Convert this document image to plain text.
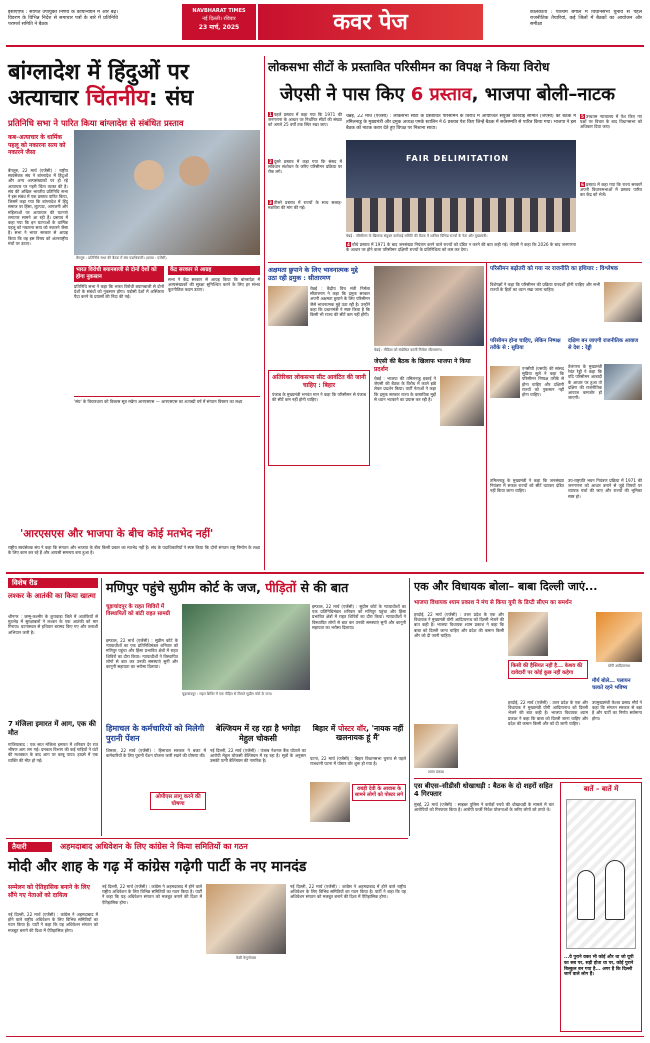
ईसीएएफ : सौंपित उपायुक्त निर्णय के कार्यान्वयन में ओर बढ़े। विवरण के विभिन्न निर्देश से समाचार पत्रों के बारे में प्रतिनिधि परामर्श समिति ने बैठक
NAVBHARAT TIMES
नई दिल्ली। रविवार
23 मार्च, 2025	कवर पेज	कोलकाता : पश्चिम बंगाल में विधानसभा चुनाव से पहले राजनीतिक तैयारियां, कई जिलों में बैठकों का आयोजन और समीक्षा
बांग्लादेश में हिंदुओं पर
अत्याचार चिंतनीय: संघ
प्रतिनिधि सभा ने पारित किया बांग्लादेश से संबंधित प्रस्ताव
कब–अत्याचार के धार्मिक पहलू को नकारना सत्य को नकारने जैसा
बेंगलुरु, 22 मार्च (एजेंसी) : राष्ट्रीय स्वयंसेवक संघ ने बांग्लादेश में हिंदुओं और अन्य अल्पसंख्यकों पर हो रहे अत्याचार पर गहरी चिंता व्यक्त की है। संघ की अखिल भारतीय प्रतिनिधि सभा ने इस संबंध में एक प्रस्ताव पारित किया, जिसमें कहा गया कि बांग्लादेश में हिंदू समाज पर हिंसा, लूटपाट, आगजनी और महिलाओं पर अत्याचार की घटनाएं लगातार सामने आ रही हैं। प्रस्ताव में कहा गया कि इन घटनाओं के धार्मिक पहलू को नकारना सत्य को नकारने जैसा है। सभा ने भारत सरकार से आग्रह किया कि वह इस विषय को अंतरराष्ट्रीय मंचों पर उठाए।
बेंगलुरु : प्रतिनिधि सभा की बैठक में संघ पदाधिकारी। (छाया : एजेंसी)
भारत विरोधी बयानबाजी से दोनों देशों को होगा नुकसान
प्रतिनिधि सभा ने कहा कि भारत विरोधी बयानबाजी से दोनों देशों के संबंधों को नुकसान होगा। पड़ोसी देशों में अस्थिरता पैदा करने के प्रयासों की निंदा की गई।
केंद्र सरकार से आग्रह
सभा ने केंद्र सरकार से आग्रह किया कि बांग्लादेश में अल्पसंख्यकों की सुरक्षा सुनिश्चित करने के लिए हर संभव कूटनीतिक कदम उठाए।
'संघ' के विचारधारा को विकास सूत्र रखेगा आरएसएस — आरएसएस का शताब्दी वर्ष में संगठन विस्तार का लक्ष्य
'आरएसएस और भाजपा के बीच कोई मतभेद नहीं'
राष्ट्रीय स्वयंसेवक संघ ने कहा कि संगठन और भाजपा के बीच किसी प्रकार का मतभेद नहीं है। संघ के पदाधिकारियों ने स्पष्ट किया कि दोनों संगठन राष्ट्र निर्माण के लक्ष्य के लिए काम कर रहे हैं और आपसी समन्वय बना हुआ है।
लोकसभा सीटों के प्रस्तावित परिसीमन का विपक्ष ने किया विरोध
जेएसी ने पास किए 6 प्रस्ताव, भाजपा बोली–नाटक
1 पहले प्रस्ताव में कहा गया कि 1971 की जनगणना के आधार पर निर्धारित सीटों की संख्या को अगले 25 वर्षों तक स्थिर रखा जाए।
2 दूसरे प्रस्ताव में कहा गया कि संसद में संविधान संशोधन के जरिए परिसीमन प्रक्रिया पर रोक लगे।
3 तीसरे प्रस्ताव में राज्यों के साथ सलाह-मशविरा की मांग की गई।
चेन्नई, 22 मार्च (एजेंसी) : लोकसभा सीटों के प्रस्तावित परिसीमन के विरोध में आयोजित संयुक्त कार्रवाई समिति (जेएसी) की बैठक में तमिलनाडु के मुख्यमंत्री और द्रमुक अध्यक्ष एमके स्टालिन ने 6 प्रस्ताव पेश किए जिन्हें बैठक में सर्वसम्मति से पारित किया गया। भाजपा ने इस बैठक को नाटक करार देते हुए विपक्ष पर निशाना साधा।
FAIR DELIMITATION
चेन्नई : परिसीमन के खिलाफ संयुक्त कार्रवाई समिति की बैठक में शामिल विभिन्न राज्यों के नेता और मुख्यमंत्री।
4 चौथे प्रस्ताव में 1971 के बाद जनसंख्या नियंत्रण करने वाले राज्यों को दंडित न करने की बात कही गई। जेएसी ने कहा कि 2026 के बाद जनगणना के आधार पर होने वाला परिसीमन दक्षिणी राज्यों के प्रतिनिधित्व को कम कर देगा।
5 उच्चतम न्यायालय में पेश किए गए पक्षों पर विचार के बाद विधानसभा को अधिकार दिया जाए।
6 प्रस्ताव में कहा गया कि राज्य सरकारें अपनी विधानसभाओं में प्रस्ताव पारित कर केंद्र को भेजें।
अक्षमता छुपाने के लिए भावनात्मक मुद्दे उठा रही द्रमुक : सीतारमण
चेन्नई : केंद्रीय वित्त मंत्री निर्मला सीतारमण ने कहा कि द्रमुक सरकार अपनी अक्षमता छुपाने के लिए परिसीमन जैसे भावनात्मक मुद्दे उठा रही है। उन्होंने कहा कि प्रधानमंत्री ने स्पष्ट किया है कि किसी भी राज्य की सीटें कम नहीं होंगी।
चेन्नई : मीडिया को संबोधित करतीं निर्मला सीतारमण।
जेएसी की बैठक के खिलाफ भाजपा ने किया प्रदर्शन
चेन्नई : भाजपा की तमिलनाडु इकाई ने जेएसी की बैठक के विरोध में काले झंडे लेकर प्रदर्शन किया। पार्टी नेताओं ने कहा कि द्रमुक सरकार राज्य के वास्तविक मुद्दों से ध्यान भटकाने का प्रयास कर रही है।
अतिरिक्त लोकसभा सीट आवंटित की जानी चाहिए : बिहार
पंजाब के मुख्यमंत्री भगवंत मान ने कहा कि परिसीमन से पंजाब की सीटें कम नहीं होनी चाहिए।
परिसीमन बढ़ोतरी को गया नर राजनीति का हथियार : विश्लेषक
विशेषज्ञों ने कहा कि परिसीमन की प्रक्रिया पारदर्शी होनी चाहिए और सभी राज्यों के हितों का ध्यान रखा जाना चाहिए।
परिसीमन होना चाहिए, लेकिन निष्पक्ष तरीके से : सुप्रिया
एनसीपी (एसपी) की सांसद सुप्रिया सुले ने कहा कि परिसीमन निष्पक्ष तरीके से होना चाहिए और दक्षिणी राज्यों को नुकसान नहीं होना चाहिए।
दक्षिण बन जाएगी राजनीतिक आवाज से देश : रेड्डी
तेलंगाना के मुख्यमंत्री रेवंत रेड्डी ने कहा कि यदि परिसीमन आबादी के आधार पर हुआ तो दक्षिण की राजनीतिक आवाज कमजोर हो जाएगी।
उप-राष्ट्रपति भवन नियंत्रण प्रक्रिया में 1971 की जनगणना को आधार बनाने से जुड़े विषयों पर व्यापक चर्चा की जाए और राज्यों की भूमिका स्पष्ट हो।
तमिलनाडु के मुख्यमंत्री ने कहा कि जनसंख्या नियंत्रण में सफल राज्यों को सीटें घटाकर दंडित नहीं किया जाना चाहिए।
विशेष रीड
लश्कर के आतंकी का किया खात्मा
श्रीनगर : जम्मू-कश्मीर के कुपवाड़ा जिले में आतंकियों से मुठभेड़ में सुरक्षाबलों ने लश्कर के एक आतंकी को मार गिराया। घटनास्थल से हथियार बरामद किए गए और तलाशी अभियान जारी है।
7 मंजिला इमारत में आग, एक की मौत
गाजियाबाद : एक सात मंजिला इमारत में शनिवार देर रात भीषण आग लग गई। दमकल विभाग की कई गाड़ियों ने घंटों की मशक्कत के बाद आग पर काबू पाया। हादसे में एक व्यक्ति की मौत हो गई।
मणिपुर पहुंचे सुप्रीम कोर्ट के जज, पीड़ितों से की बात
चूड़ाचांदपुर के राहत शिविरों में विस्थापितों को बांटी राहत सामग्री
इम्फाल, 22 मार्च (एजेंसी) : सुप्रीम कोर्ट के न्यायाधीशों का एक प्रतिनिधिमंडल शनिवार को मणिपुर पहुंचा और हिंसा प्रभावित क्षेत्रों में राहत शिविरों का दौरा किया। न्यायाधीशों ने विस्थापित लोगों से बात कर उनकी समस्याएं सुनीं और कानूनी सहायता का भरोसा दिलाया।
चूड़ाचांदपुर : राहत शिविर में एक पीड़ित से मिलते सुप्रीम कोर्ट के जज।
इम्फाल, 22 मार्च (एजेंसी) : सुप्रीम कोर्ट के न्यायाधीशों का एक प्रतिनिधिमंडल शनिवार को मणिपुर पहुंचा और हिंसा प्रभावित क्षेत्रों में राहत शिविरों का दौरा किया। न्यायाधीशों ने विस्थापित लोगों से बात कर उनकी समस्याएं सुनीं और कानूनी सहायता का भरोसा दिलाया।
हिमाचल के कर्मचारियों को मिलेगी पुरानी पेंशन
शिमला, 22 मार्च (एजेंसी) : हिमाचल सरकार ने बजट में कर्मचारियों के लिए पुरानी पेंशन योजना जारी रखने की घोषणा की।
ओपीएस लागू करने की घोषणा
बेल्जियम में रह रहा है भगोड़ा मेहुल चोकसी
नई दिल्ली, 22 मार्च (एजेंसी) : पंजाब नेशनल बैंक घोटाले का आरोपी मेहुल चोकसी बेल्जियम में रह रहा है। सूत्रों के अनुसार उसकी पत्नी बेल्जियम की नागरिक है।
बिहार में पोस्टर वॉर, 'नायक नहीं खलनायक हूं मैं'
पटना, 22 मार्च (एजेंसी) : बिहार विधानसभा चुनाव से पहले राजधानी पटना में पोस्टर वॉर शुरू हो गया है।
राबड़ी देवी के आवास के सामने लोगों को पोस्टर लगे
एक और विधायक बोला– बाबा दिल्ली जाएं...
भाजपा विधायक श्याम प्रकाश ने मंच से किया यूपी के डिप्टी सीएम का समर्थन
हरदोई, 22 मार्च (एजेंसी) : उत्तर प्रदेश के एक और विधायक ने मुख्यमंत्री योगी आदित्यनाथ को दिल्ली भेजने की बात कही है। भाजपा विधायक श्याम प्रकाश ने कहा कि बाबा को दिल्ली जाना चाहिए और प्रदेश की कमान किसी और को दी जानी चाहिए।
किसी की हैसियत नहीं है... केशव की दावेदारी पर कोई कुछ नहीं कहेगा
योगी आदित्यनाथ
श्याम प्रकाश
मौर्य बोले... पलायन चलाते रहने भविष्य
उपमुख्यमंत्री केशव प्रसाद मौर्य ने कहा कि संगठन सरकार से बड़ा है और पार्टी का निर्णय सर्वमान्य होगा।
हरदोई, 22 मार्च (एजेंसी) : उत्तर प्रदेश के एक और विधायक ने मुख्यमंत्री योगी आदित्यनाथ को दिल्ली भेजने की बात कही है। भाजपा विधायक श्याम प्रकाश ने कहा कि बाबा को दिल्ली जाना चाहिए और प्रदेश की कमान किसी और को दी जानी चाहिए।
एस बीएस–सीडीसी धोखाधड़ी : बैठक के दो शहरों सहित 4 गिरफ्तार
मुंबई, 22 मार्च (एजेंसी) : साइबर पुलिस ने करोड़ों रुपये की धोखाधड़ी के मामले में चार आरोपियों को गिरफ्तार किया है। आरोपी फर्जी निवेश योजनाओं के जरिए लोगों को ठगते थे।
बातें – बातें में
...वे पुराने वक्त भी कोई और था जो यूपी का सब पर, सड़ी होता था पर, कोई पुराने बिल्कुल बन गया है... अगर है कि दिल्ली जाने वाले लोग हैं।
तैयारी	अहमदाबाद अधिवेशन के लिए कांग्रेस ने किया समितियों का गठन
मोदी और शाह के गढ़ में कांग्रेस गढ़ेगी पार्टी के नए मानदंड
सम्मेलन को ऐतिहासिक बनाने के लिए सौंपे गए नेताओं को दायित्व
नई दिल्ली, 22 मार्च (एजेंसी) : कांग्रेस ने अहमदाबाद में होने वाले राष्ट्रीय अधिवेशन के लिए विभिन्न समितियों का गठन किया है। पार्टी ने कहा कि यह अधिवेशन संगठन को मजबूत बनाने की दिशा में ऐतिहासिक होगा।
नई दिल्ली, 22 मार्च (एजेंसी) : कांग्रेस ने अहमदाबाद में होने वाले राष्ट्रीय अधिवेशन के लिए विभिन्न समितियों का गठन किया है। पार्टी ने कहा कि यह अधिवेशन संगठन को मजबूत बनाने की दिशा में ऐतिहासिक होगा।
केसी वेणुगोपाल
नई दिल्ली, 22 मार्च (एजेंसी) : कांग्रेस ने अहमदाबाद में होने वाले राष्ट्रीय अधिवेशन के लिए विभिन्न समितियों का गठन किया है। पार्टी ने कहा कि यह अधिवेशन संगठन को मजबूत बनाने की दिशा में ऐतिहासिक होगा।
